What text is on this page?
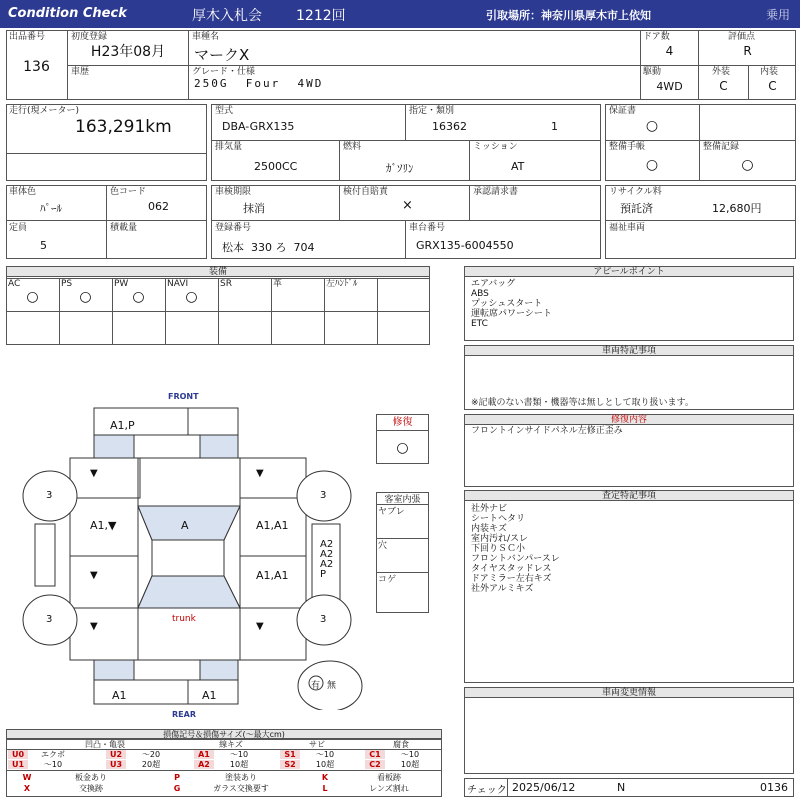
Condition Check	厚木入札会 1212回	引取場所：神奈川県厚木市上依知	乗用
出品番号
136
初度登録
H23年08月
車歴
車種名
マークX
グレード・仕様
250G  Four  4WD
ドア数
4
評価点
R
駆動
4WD
外装
C
内装
C
走行(現メーター)
163,291km
型式
DBA-GRX135
指定・類別
16362	1
排気量
2500CC
燃料
ｶﾞｿﾘﾝ
ミッション
AT
保証書
○
整備手帳
○
整備記録
○
車体色
ﾊﾟｰﾙ
色コード
062
定員
5
積載量
車検期限
抹消
検付自賠責
×
承認請求書
登録番号
松本  330 ろ  704
車台番号
GRX135-6004550
リサイクル料
預託済	12,680円
福祉車両
装備
AC
○
PS
○
PW
○
NAVI
○
SR	革	左ﾊﾝﾄﾞﾙ
アピールポイント
エアバッグ
ABS
プッシュスタート
運転席パワーシート
ETC
車両特記事項
※記載のない書類・機器等は無しとして取り扱います。
修復内容
フロントインサイドパネル左修正歪み
査定特記事項
社外ナビ
シートヘタリ
内装キズ
室内汚れ/スレ
下回りＳＣ小
フロントバンパースレ
タイヤスタッドレス
ドアミラー左右キズ
社外アルミキズ
車両変更情報
チェック 2025/06/12	N	0136
FRONT
REAR
A1,P
A
A1,▼	A1,A1
A1,A1
▼
▼
▼	▼
▼
A2
A2
A2
P
A1	A1
trunk
3	3
3	3
有 無
修復
○
客室内張
ヤブレ
穴
コゲ
損傷記号＆損傷サイズ(〜最大cm)
凹凸・亀裂	線キズ	サビ	腐食
U0	エクボ	U2	〜20	A1	〜10	S1	〜10	C1	〜10
U1	〜10	U3	20超	A2	10超	S2	10超	C2	10超
W	板金あり	P	塗装あり	K	看板跡
X	交換跡	G	ガラス交換要す	L	レンズ割れ
